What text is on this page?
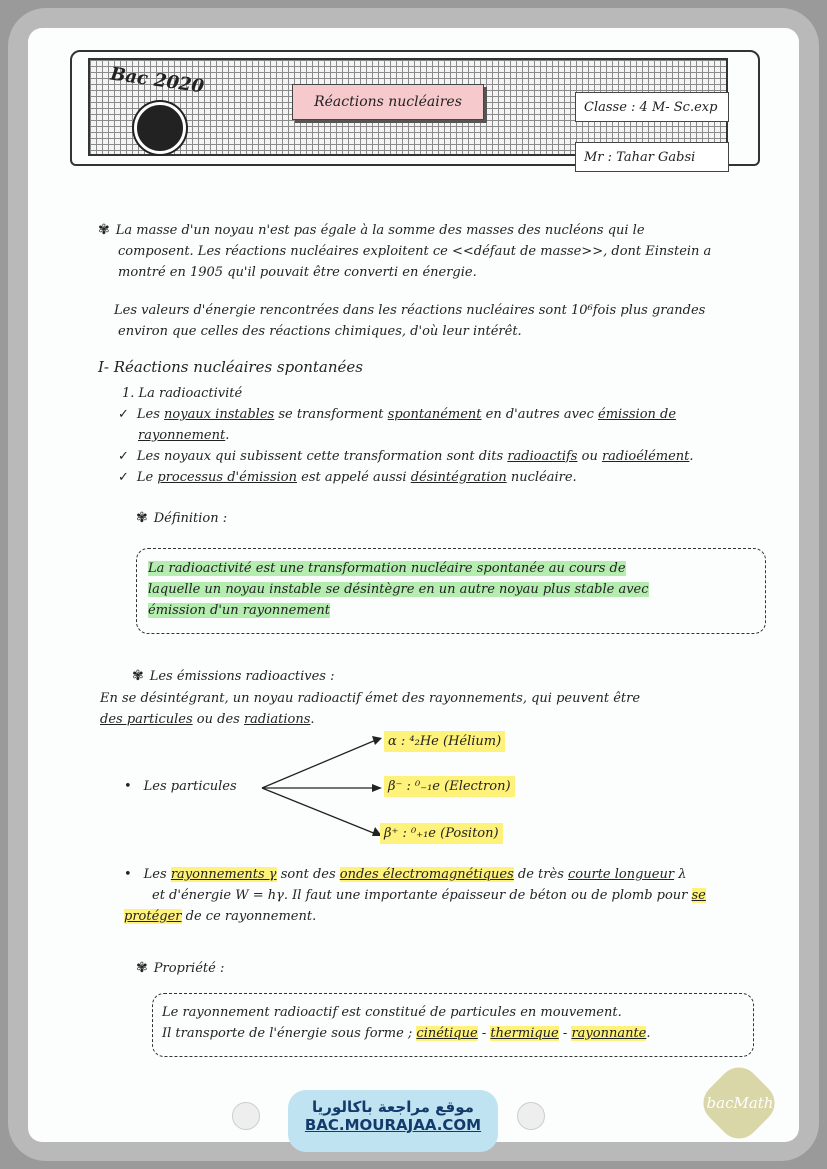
Bac 2020
Réactions nucléaires	Classe : 4 M- Sc.exp
Mr : Tahar Gabsi
✾ La masse d'un noyau n'est pas égale à la somme des masses des nucléons qui le
composent. Les réactions nucléaires exploitent ce <<défaut de masse>>, dont Einstein a
montré en 1905 qu'il pouvait être converti en énergie.
Les valeurs d'énergie rencontrées dans les réactions nucléaires sont 10⁶fois plus grandes
environ que celles des réactions chimiques, d'où leur intérêt.
I- Réactions nucléaires spontanées
1. La radioactivité
✓ Les noyaux instables se transforment spontanément en d'autres avec émission de
rayonnement.
✓ Les noyaux qui subissent cette transformation sont dits radioactifs ou radioélément.
✓ Le processus d'émission est appelé aussi désintégration nucléaire.
✾ Définition :
La radioactivité est une transformation nucléaire spontanée au cours de
laquelle un noyau instable se désintègre en un autre noyau plus stable avec
émission d'un rayonnement
✾ Les émissions radioactives :
En se désintégrant, un noyau radioactif émet des rayonnements, qui peuvent être
des particules ou des radiations.
• Les particules
α : ⁴₂He (Hélium)
β⁻ : ⁰₋₁e (Electron)
β⁺ : ⁰₊₁e (Positon)
• Les rayonnements γ sont des ondes électromagnétiques de très courte longueur λ
et d'énergie W = hγ. Il faut une importante épaisseur de béton ou de plomb pour se
protéger de ce rayonnement.
✾ Propriété :
Le rayonnement radioactif est constitué de particules en mouvement.
Il transporte de l'énergie sous forme ; cinétique - thermique - rayonnante.
موقع مراجعة باكالوريا
BAC.MOURAJAA.COM
bacMath
